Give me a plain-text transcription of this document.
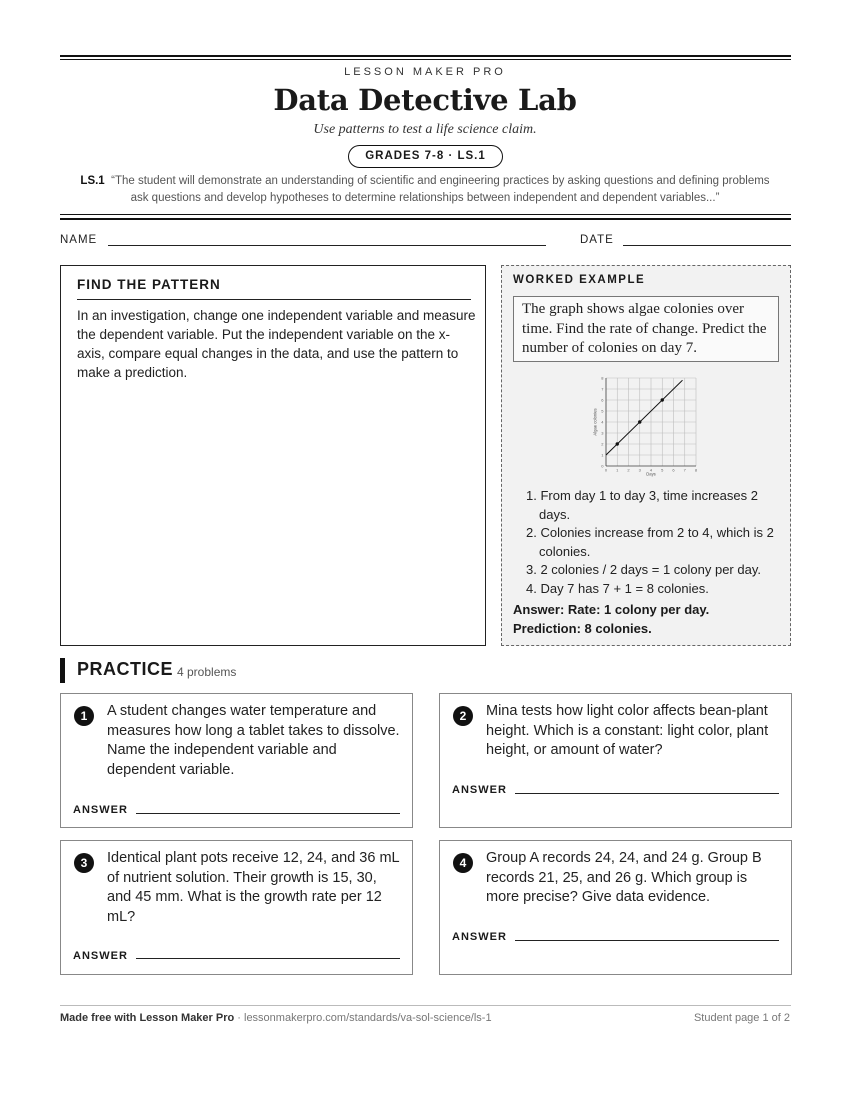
LESSON MAKER PRO
Data Detective Lab
Use patterns to test a life science claim.
GRADES 7-8 · LS.1
LS.1 “The student will demonstrate an understanding of scientific and engineering practices by asking questions and defining problems ask questions and develop hypotheses to determine relationships between independent and dependent variables...”
NAME	DATE
FIND THE PATTERN
In an investigation, change one independent variable and measure the dependent variable. Put the independent variable on the x-axis, compare equal changes in the data, and use the pattern to make a prediction.
WORKED EXAMPLE
The graph shows algae colonies over time. Find the rate of change. Predict the number of colonies on day 7.
0 1 2 3 4 5 6 7 8
0
1
2
3
4
5
6
7
8
Days
Algae colonies
1. From day 1 to day 3, time increases 2 days.
2. Colonies increase from 2 to 4, which is 2 colonies.
3. 2 colonies / 2 days = 1 colony per day.
4. Day 7 has 7 + 1 = 8 colonies.
Answer: Rate: 1 colony per day.
Prediction: 8 colonies.
PRACTICE 4 problems
1	A student changes water temperature and measures how long a tablet takes to dissolve. Name the independent variable and dependent variable.
ANSWER
2	Mina tests how light color affects bean-plant height. Which is a constant: light color, plant height, or amount of water?
ANSWER
3	Identical plant pots receive 12, 24, and 36 mL of nutrient solution. Their growth is 15, 30, and 45 mm. What is the growth rate per 12 mL?
ANSWER
4	Group A records 24, 24, and 24 g. Group B records 21, 25, and 26 g. Which group is more precise? Give data evidence.
ANSWER
Made free with Lesson Maker Pro · lessonmakerpro.com/standards/va-sol-science/ls-1	Student page 1 of 2
